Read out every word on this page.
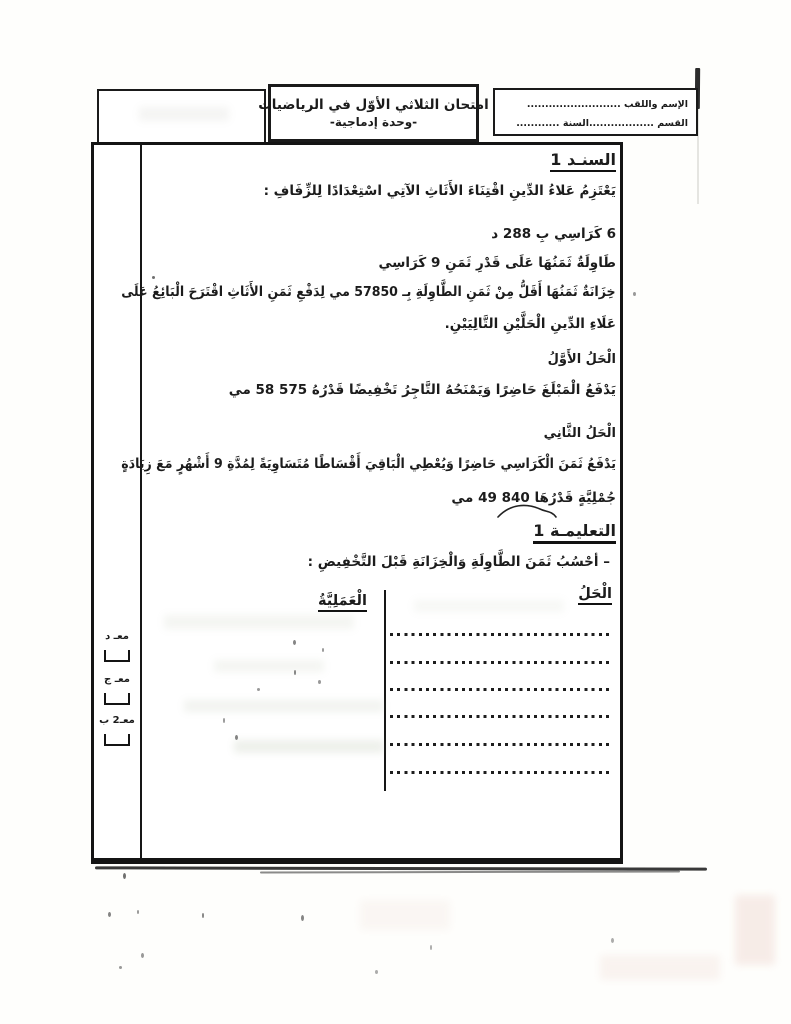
امتحان الثلاثي الأوّل في الرياضيات
-وحدة إدماجية-
الإسم واللقب ..........................
القسم ..................السنة ............
السنـد 1
يَعْتَزِمُ عَلاءُ الدِّينِ اقْتِنَاءَ الأَثَاثِ الآتِي اسْتِعْدَادًا لِلزِّفَافِ :
6 كَرَاسِي بِ 288 د
طَاوِلَةٌ ثَمَنُهَا عَلَى قَدْرِ ثَمَنِ 9 كَرَاسِي
خِزَانَةٌ ثَمَنُهَا أَقَلُّ مِنْ ثَمَنِ الطَّاوِلَةِ بِـ 57850 مي لِدَفْعِ ثَمَنِ الأَثَاثِ اقْتَرَحَ الْبَائِعُ عَلَى
عَلَاءِ الدِّينِ الْحَلَّيْنِ التَّالِيَيْنِ.
الْحَلُ الأَوَّلُ
يَدْفَعُ الْمَبْلَغَ حَاضِرًا وَيَمْنَحُهُ التَّاجِرُ تَخْفِيضًا قَدْرُهُ ‪58 575‬ مي
الْحَلُ الثَّانِي
يَدْفَعُ ثَمَنَ الْكَرَاسِي حَاضِرًا وَيُعْطِي الْبَاقِيَ أَقْسَاطًا مُتَسَاوِيَةً لِمُدَّةِ 9 أَشْهُرٍ مَعَ زِيَادَةٍ
جُمْلِيَّةٍ قَدْرُهَا ‪49 840‬ مي
التعليمـة 1
– أحْسُبُ ثَمَنَ الطَّاوِلَةِ وَالْخِزَانَةِ قَبْلَ التَّخْفِيضِ :
الْحَلُ
الْعَمَلِيَّةُ
معـ د
معـ ج
معـ2 ب
